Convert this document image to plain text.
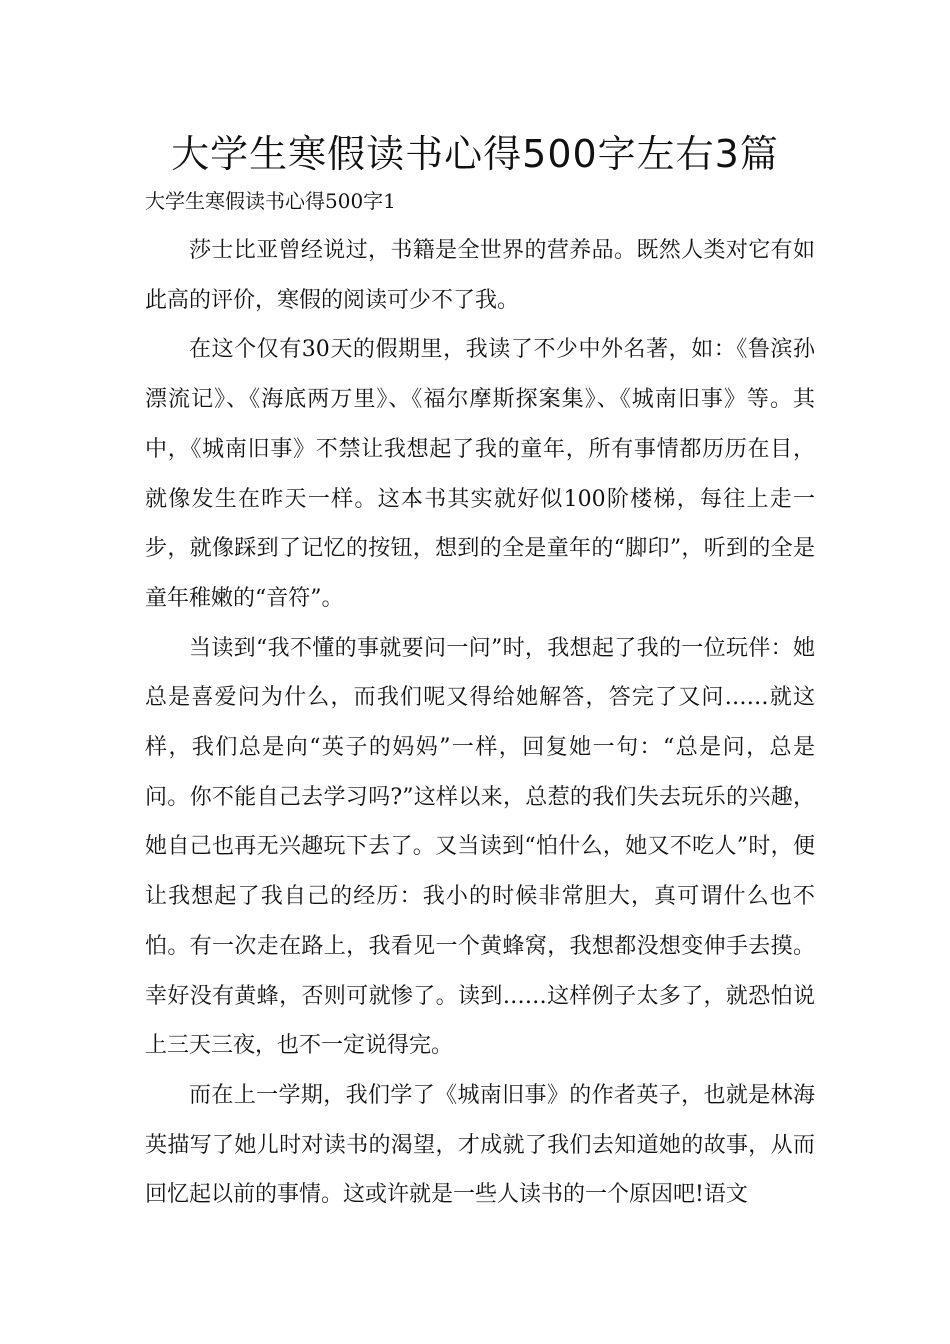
大学生寒假读书心得500字左右3篇
大学生寒假读书心得500字1

莎士比亚曾经说过，书籍是全世界的营养品。既然人类对它有如此高的评价，寒假的阅读可少不了我。

在这个仅有30天的假期里，我读了不少中外名著，如：《鲁滨孙漂流记》、《海底两万里》、《福尔摩斯探案集》、《城南旧事》等。其中，《城南旧事》不禁让我想起了我的童年，所有事情都历历在目，就像发生在昨天一样。这本书其实就好似100阶楼梯，每往上走一步，就像踩到了记忆的按钮，想到的全是童年的“脚印”，听到的全是童年稚嫩的“音符”。

当读到“我不懂的事就要问一问”时，我想起了我的一位玩伴：她总是喜爱问为什么，而我们呢又得给她解答，答完了又问……就这样，我们总是向“英子的妈妈”一样，回复她一句：“总是问，总是问。你不能自己去学习吗?”这样以来，总惹的我们失去玩乐的兴趣，她自己也再无兴趣玩下去了。又当读到“怕什么，她又不吃人”时，便让我想起了我自己的经历：我小的时候非常胆大，真可谓什么也不怕。有一次走在路上，我看见一个黄蜂窝，我想都没想变伸手去摸。幸好没有黄蜂，否则可就惨了。读到……这样例子太多了，就恐怕说上三天三夜，也不一定说得完。

而在上一学期，我们学了《城南旧事》的作者英子，也就是林海英描写了她儿时对读书的渴望，才成就了我们去知道她的故事，从而回忆起以前的事情。这或许就是一些人读书的一个原因吧!语文
